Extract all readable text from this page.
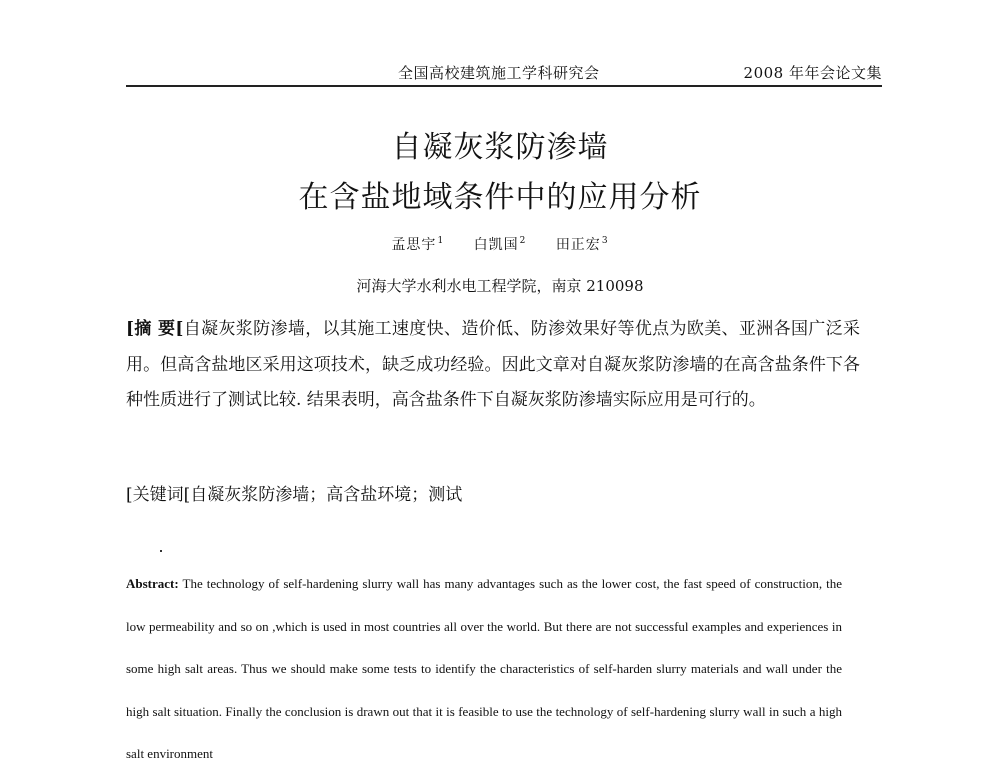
全国高校建筑施工学科研究会	2008 年年会论文集
自凝灰浆防渗墙
在含盐地域条件中的应用分析
孟思宇$^1$ 白凯国$^2$ 田正宏$^3$
河海大学水利水电工程学院，南京 210098

[摘 要[自凝灰浆防渗墙，以其施工速度快、造价低、防渗效果好等优点为欧美、亚洲各国广泛采用。但高含盐地区采用这项技术，缺乏成功经验。因此文章对自凝灰浆防渗墙的在高含盐条件下各种性质进行了测试比较. 结果表明，高含盐条件下自凝灰浆防渗墙实际应用是可行的。

[关键词[自凝灰浆防渗墙；高含盐环境；测试
Abstract: The technology of self-hardening slurry wall has many advantages such as the lower cost, the fast speed of construction, the low permeability and so on ,which is used in most countries all over the world. But there are not successful examples and experiences in some high salt areas. Thus we should make some tests to identify the characteristics of self-harden slurry materials and wall under the high salt situation. Finally the conclusion is drawn out that it is feasible to use the technology of self-hardening slurry wall in such a high salt environment
